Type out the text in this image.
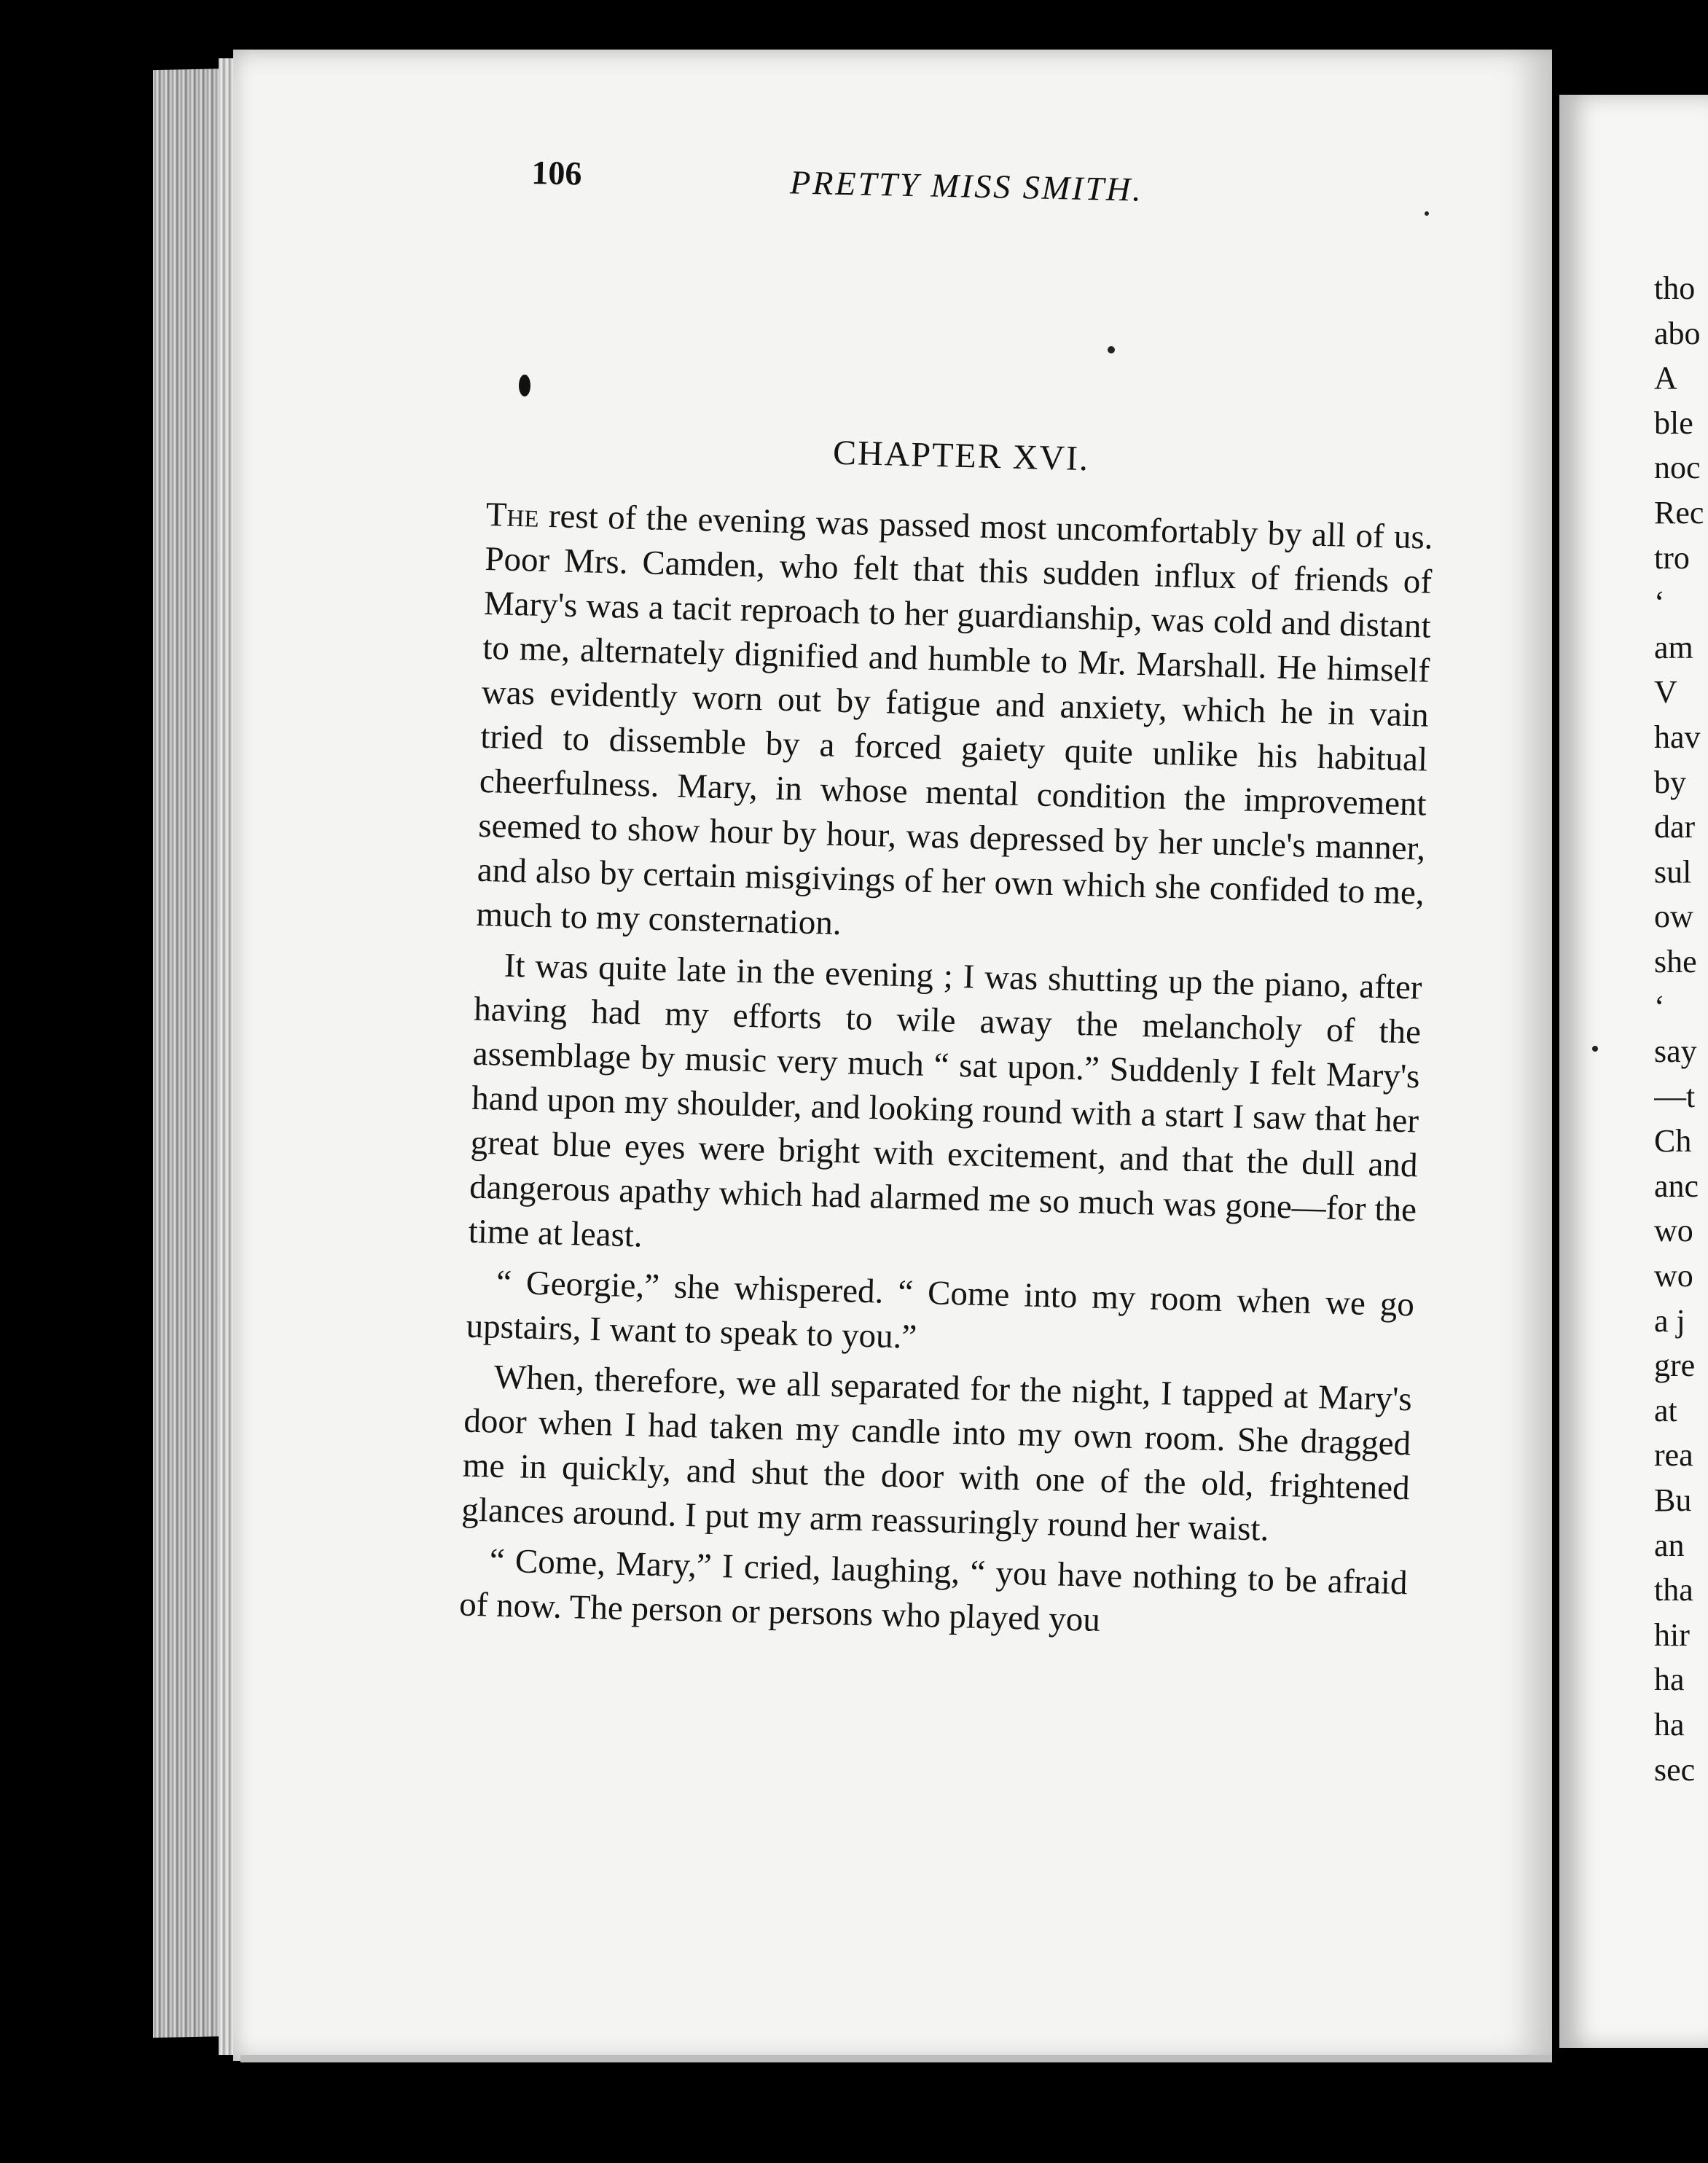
106	PRETTY MISS SMITH.
CHAPTER XVI.

The rest of the evening was passed most uncomfortably by all of us. Poor Mrs. Camden, who felt that this sudden influx of friends of Mary's was a tacit reproach to her guardianship, was cold and distant to me, alternately dignified and humble to Mr. Marshall. He himself was evidently worn out by fatigue and anxiety, which he in vain tried to dissemble by a forced gaiety quite unlike his habitual cheerfulness. Mary, in whose mental condition the improvement seemed to show hour by hour, was depressed by her uncle's manner, and also by certain misgivings of her own which she confided to me, much to my consternation.

It was quite late in the evening ; I was shutting up the piano, after having had my efforts to wile away the melancholy of the assemblage by music very much “ sat upon.” Suddenly I felt Mary's hand upon my shoulder, and looking round with a start I saw that her great blue eyes were bright with excitement, and that the dull and dangerous apathy which had alarmed me so much was gone—for the time at least.

“ Georgie,” she whispered. “ Come into my room when we go upstairs, I want to speak to you.”

When, therefore, we all separated for the night, I tapped at Mary's door when I had taken my candle into my own room. She dragged me in quickly, and shut the door with one of the old, frightened glances around. I put my arm reassuringly round her waist.

“ Come, Mary,” I cried, laughing, “ you have nothing to be afraid of now. The person or persons who played you

tho
abo
A
ble
noc
Rec
tro
‘
am
V
hav
by
dar
sul
ow
she
‘
say
—t
Ch
anc
wo
wo
a j
gre
at
rea
Bu
an
tha
hir
ha
ha
sec
